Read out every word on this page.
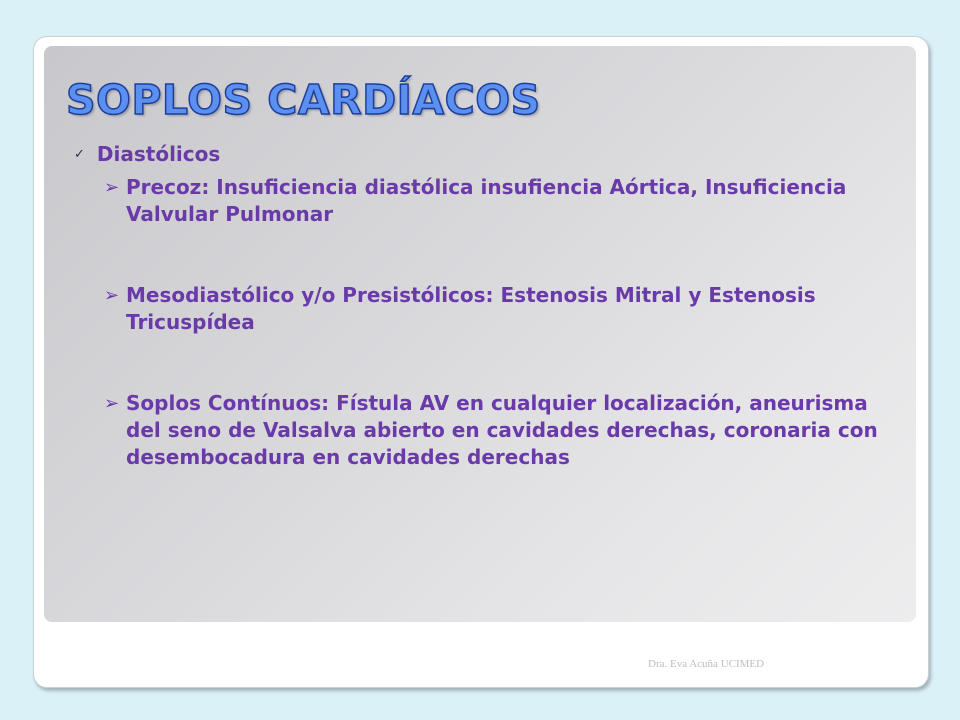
SOPLOS CARDÍACOS
✓ Diastólicos
➢ Precoz: Insuficiencia diastólica insufiencia Aórtica, Insuficiencia Valvular Pulmonar
➢ Mesodiastólico y/o Presistólicos: Estenosis Mitral y Estenosis Tricuspídea
➢ Soplos Contínuos: Fístula AV en cualquier localización, aneurisma del seno de Valsalva abierto en cavidades derechas, coronaria con desembocadura en cavidades derechas
Dra. Eva Acuña UCIMED
